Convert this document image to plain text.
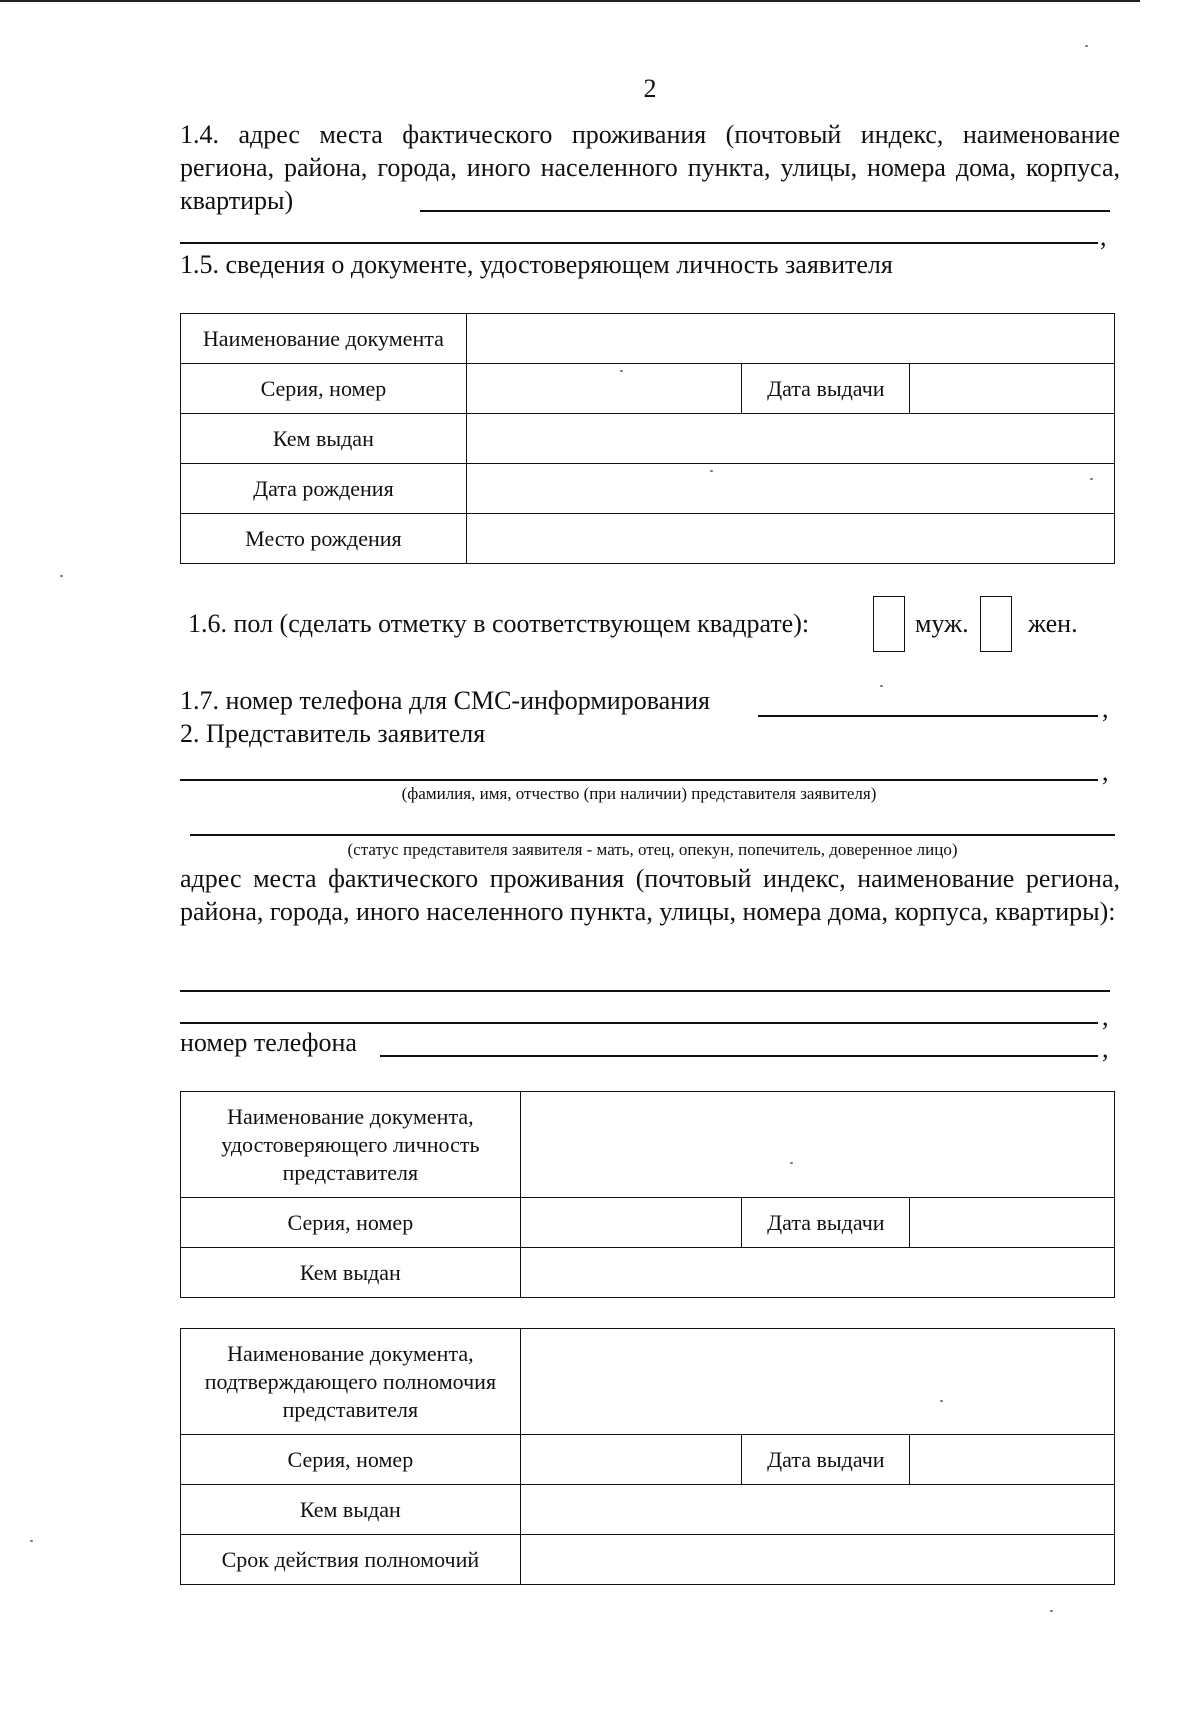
2
1.4. адрес места фактического проживания (почтовый индекс, наименование региона, района, города, иного населенного пункта, улицы, номера дома, корпуса, квартиры)
,
1.5. сведения о документе, удостоверяющем личность заявителя
Наименование документа			
Серия, номер		Дата выдачи	
Кем выдан			
Дата рождения			
Место рождения			
1.6. пол (сделать отметку в соответствующем квадрате):	муж. жен.
1.7. номер телефона для СМС-информирования	,
2. Представитель заявителя
,
(фамилия, имя, отчество (при наличии) представителя заявителя)
(статус представителя заявителя - мать, отец, опекун, попечитель, доверенное лицо)
адрес места фактического проживания (почтовый индекс, наименование региона, района, города, иного населенного пункта, улицы, номера дома, корпуса, квартиры):
,
номер телефона	,
Наименование документа, удостоверяющего личность представителя			
Серия, номер		Дата выдачи	
Кем выдан			
Наименование документа, подтверждающего полномочия представителя			
Серия, номер		Дата выдачи	
Кем выдан			
Срок действия полномочий			
